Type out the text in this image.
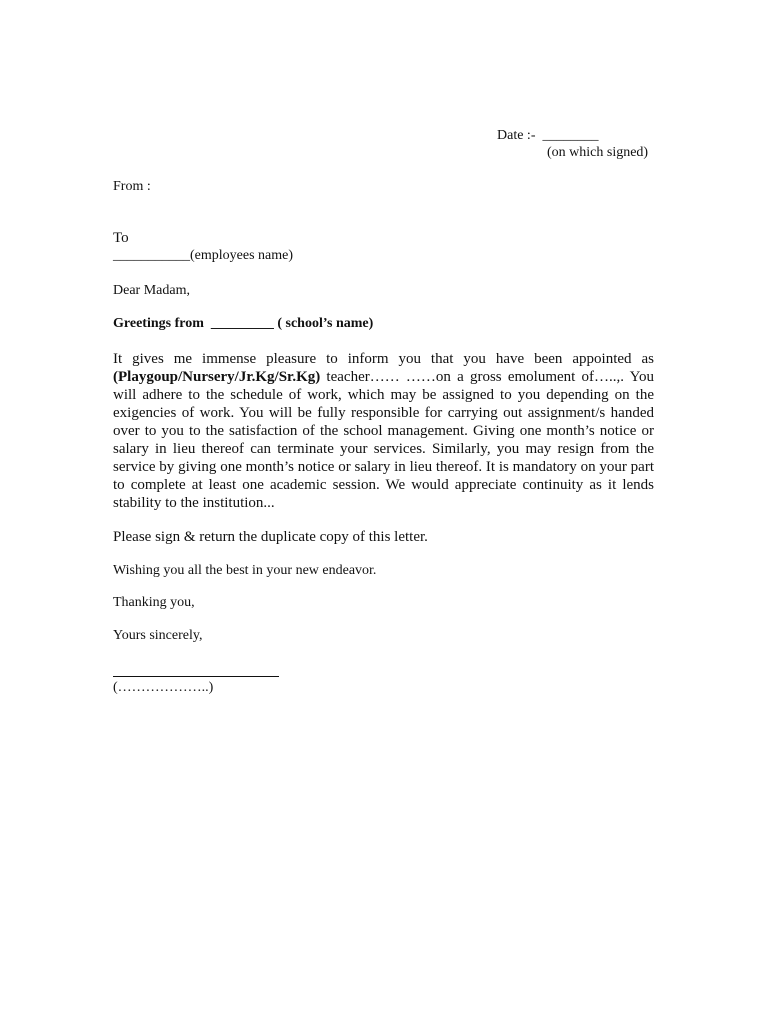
Date :- ________
(on which signed)
From :
To
___________(employees name)
Dear Madam,
Greetings from _________ ( school’s name)
It gives me immense pleasure to inform you that you have been appointed as (Playgoup/Nursery/Jr.Kg/Sr.Kg) teacher…… ……on a gross emolument of…..,. You will adhere to the schedule of work, which may be assigned to you depending on the exigencies of work. You will be fully responsible for carrying out assignment/s handed over to you to the satisfaction of the school management. Giving one month’s notice or salary in lieu thereof can terminate your services. Similarly, you may resign from the service by giving one month’s notice or salary in lieu thereof. It is mandatory on your part to complete at least one academic session. We would appreciate continuity as it lends stability to the institution...
Please sign & return the duplicate copy of this letter.
Wishing you all the best in your new endeavor.
Thanking you,
Yours sincerely,
(………………..)
